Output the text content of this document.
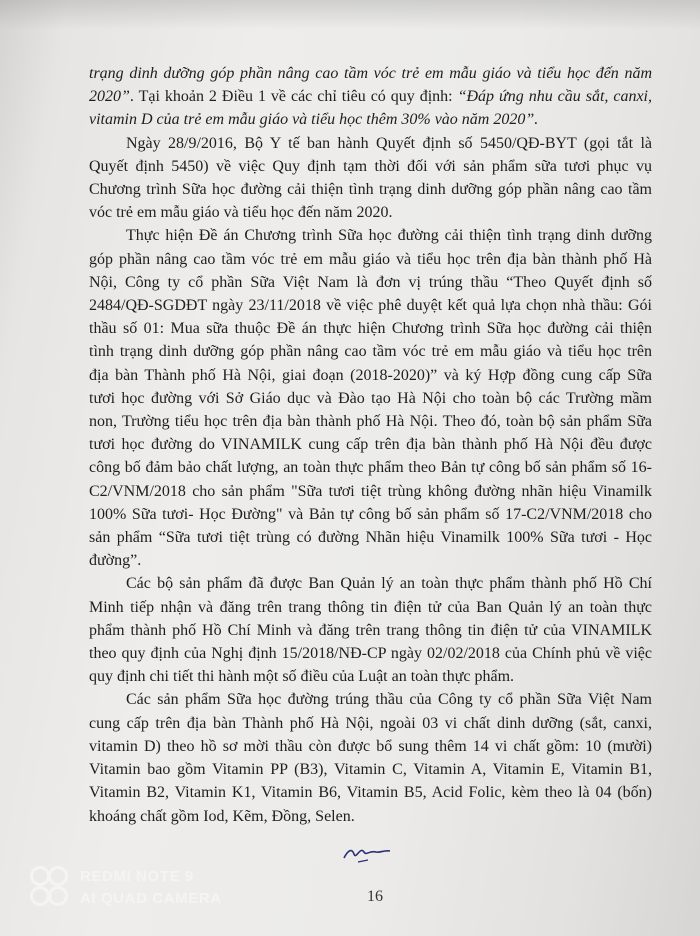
trạng dinh dưỡng góp phần nâng cao tầm vóc trẻ em mẫu giáo và tiểu học đến năm
2020”. Tại khoản 2 Điều 1 về các chỉ tiêu có quy định: “Đáp ứng nhu cầu sắt, canxi,
vitamin D của trẻ em mẫu giáo và tiểu học thêm 30% vào năm 2020”.
Ngày 28/9/2016, Bộ Y tế ban hành Quyết định số 5450/QĐ-BYT (gọi tắt là
Quyết định 5450) về việc Quy định tạm thời đối với sản phẩm sữa tươi phục vụ
Chương trình Sữa học đường cải thiện tình trạng dinh dưỡng góp phần nâng cao tầm
vóc trẻ em mẫu giáo và tiểu học đến năm 2020.
Thực hiện Đề án Chương trình Sữa học đường cải thiện tình trạng dinh dưỡng
góp phần nâng cao tầm vóc trẻ em mẫu giáo và tiểu học trên địa bàn thành phố Hà
Nội, Công ty cổ phần Sữa Việt Nam là đơn vị trúng thầu “Theo Quyết định số
2484/QĐ-SGDĐT ngày 23/11/2018 về việc phê duyệt kết quả lựa chọn nhà thầu: Gói
thầu số 01: Mua sữa thuộc Đề án thực hiện Chương trình Sữa học đường cải thiện
tình trạng dinh dưỡng góp phần nâng cao tầm vóc trẻ em mẫu giáo và tiểu học trên
địa bàn Thành phố Hà Nội, giai đoạn (2018-2020)” và ký Hợp đồng cung cấp Sữa
tươi học đường với Sở Giáo dục và Đào tạo Hà Nội cho toàn bộ các Trường mầm
non, Trường tiểu học trên địa bàn thành phố Hà Nội. Theo đó, toàn bộ sản phẩm Sữa
tươi học đường do VINAMILK cung cấp trên địa bàn thành phố Hà Nội đều được
công bố đảm bảo chất lượng, an toàn thực phẩm theo Bản tự công bố sản phẩm số 16-
C2/VNM/2018 cho sản phẩm "Sữa tươi tiệt trùng không đường nhãn hiệu Vinamilk
100% Sữa tươi- Học Đường" và Bản tự công bố sản phẩm số 17-C2/VNM/2018 cho
sản phẩm “Sữa tươi tiệt trùng có đường Nhãn hiệu Vinamilk 100% Sữa tươi - Học
đường”.
Các bộ sản phẩm đã được Ban Quản lý an toàn thực phẩm thành phố Hồ Chí
Minh tiếp nhận và đăng trên trang thông tin điện tử của Ban Quản lý an toàn thực
phẩm thành phố Hồ Chí Minh và đăng trên trang thông tin điện tử của VINAMILK
theo quy định của Nghị định 15/2018/NĐ-CP ngày 02/02/2018 của Chính phủ về việc
quy định chi tiết thi hành một số điều của Luật an toàn thực phẩm.
Các sản phẩm Sữa học đường trúng thầu của Công ty cổ phần Sữa Việt Nam
cung cấp trên địa bàn Thành phố Hà Nội, ngoài 03 vi chất dinh dưỡng (sắt, canxi,
vitamin D) theo hồ sơ mời thầu còn được bổ sung thêm 14 vi chất gồm: 10 (mười)
Vitamin bao gồm Vitamin PP (B3), Vitamin C, Vitamin A, Vitamin E, Vitamin B1,
Vitamin B2, Vitamin K1, Vitamin B6, Vitamin B5, Acid Folic, kèm theo là 04 (bốn)
khoáng chất gồm Iod, Kẽm, Đồng, Selen.
16
REDMI NOTE 9
AI QUAD CAMERA
